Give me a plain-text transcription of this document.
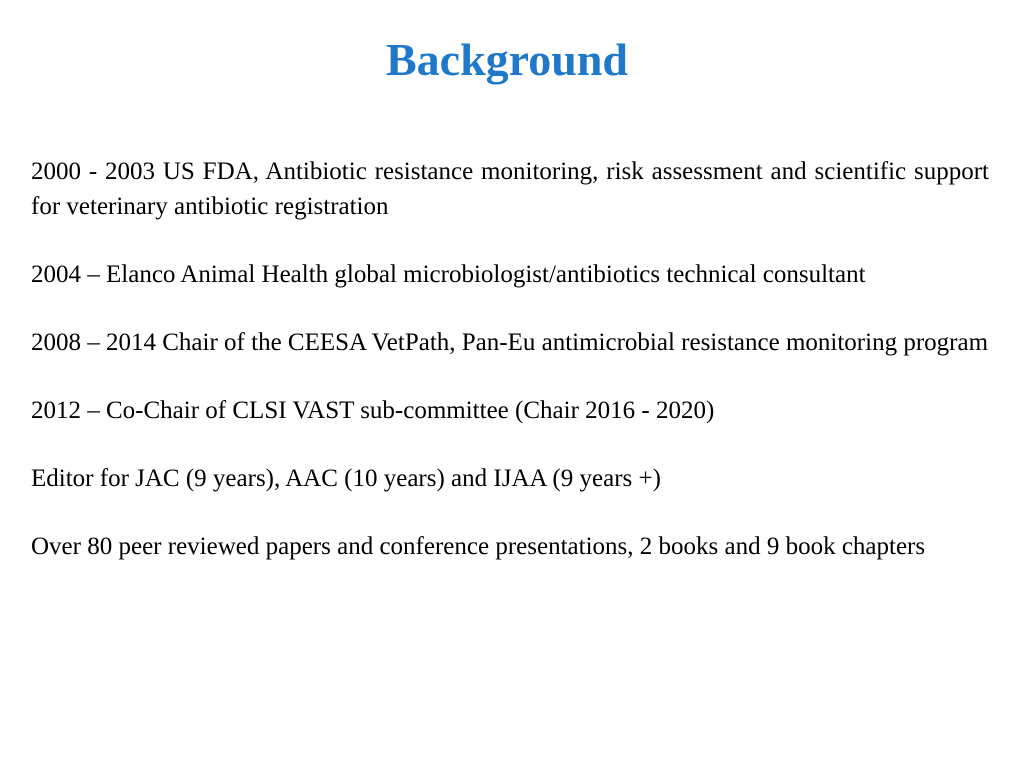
Background

2000 - 2003 US FDA, Antibiotic resistance monitoring, risk assessment and scientific support for veterinary antibiotic registration

2004 – Elanco Animal Health global microbiologist/antibiotics technical consultant

2008 – 2014 Chair of the CEESA VetPath, Pan-Eu antimicrobial resistance monitoring program

2012 – Co-Chair of CLSI VAST sub-committee (Chair 2016 - 2020)

Editor for JAC (9 years), AAC (10 years) and IJAA (9 years +)

Over 80 peer reviewed papers and conference presentations, 2 books and 9 book chapters
